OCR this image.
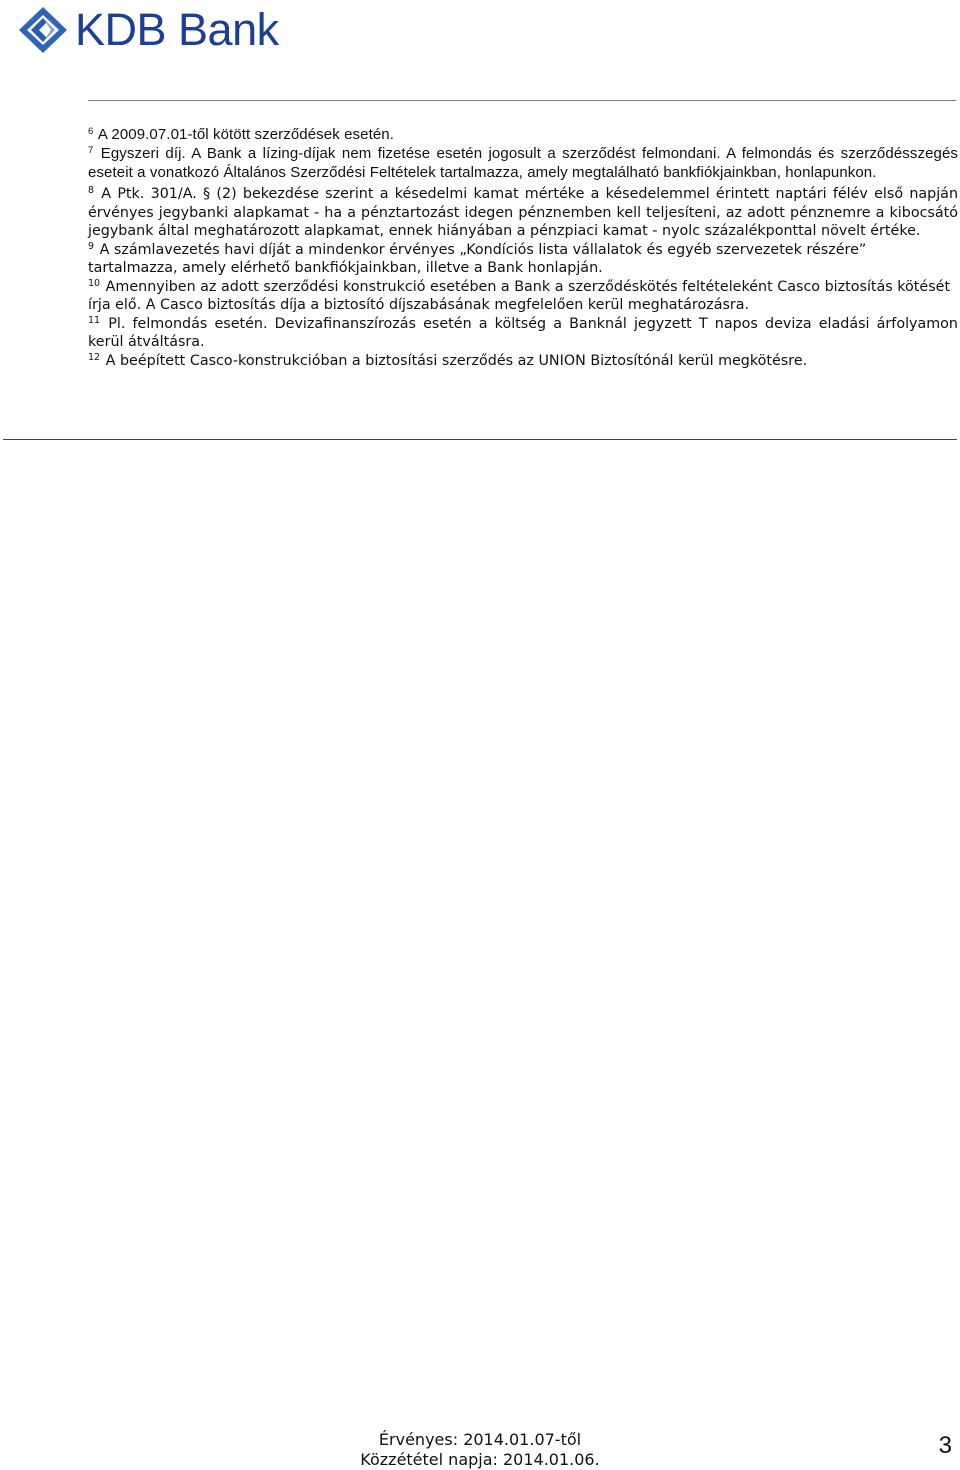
KDB Bank

$^6$ A 2009.07.01-től kötött szerződések esetén.

$^7$ Egyszeri díj. A Bank a lízing-díjak nem fizetése esetén jogosult a szerződést felmondani. A felmondás és szerződésszegés eseteit a vonatkozó Általános Szerződési Feltételek tartalmazza, amely megtalálható bankfiókjainkban, honlapunkon.

$^8$ A Ptk. 301/A. § (2) bekezdése szerint a késedelmi kamat mértéke a késedelemmel érintett naptári félév első napján érvényes jegybanki alapkamat - ha a pénztartozást idegen pénznemben kell teljesíteni, az adott pénznemre a kibocsátó jegybank által meghatározott alapkamat, ennek hiányában a pénzpiaci kamat - nyolc százalékponttal növelt értéke.

$^9$ A számlavezetés havi díját a mindenkor érvényes „Kondíciós lista vállalatok és egyéb szervezetek részére” tartalmazza, amely elérhető bankfiókjainkban, illetve a Bank honlapján.

$^{10}$ Amennyiben az adott szerződési konstrukció esetében a Bank a szerződéskötés feltételeként Casco biztosítás kötését írja elő. A Casco biztosítás díja a biztosító díjszabásának megfelelően kerül meghatározásra.

$^{11}$ Pl. felmondás esetén. Devizafinanszírozás esetén a költség a Banknál jegyzett T napos deviza eladási árfolyamon kerül átváltásra.

$^{12}$ A beépített Casco-konstrukcióban a biztosítási szerződés az UNION Biztosítónál kerül megkötésre.

Érvényes: 2014.01.07-től
Közzététel napja: 2014.01.06.
3
